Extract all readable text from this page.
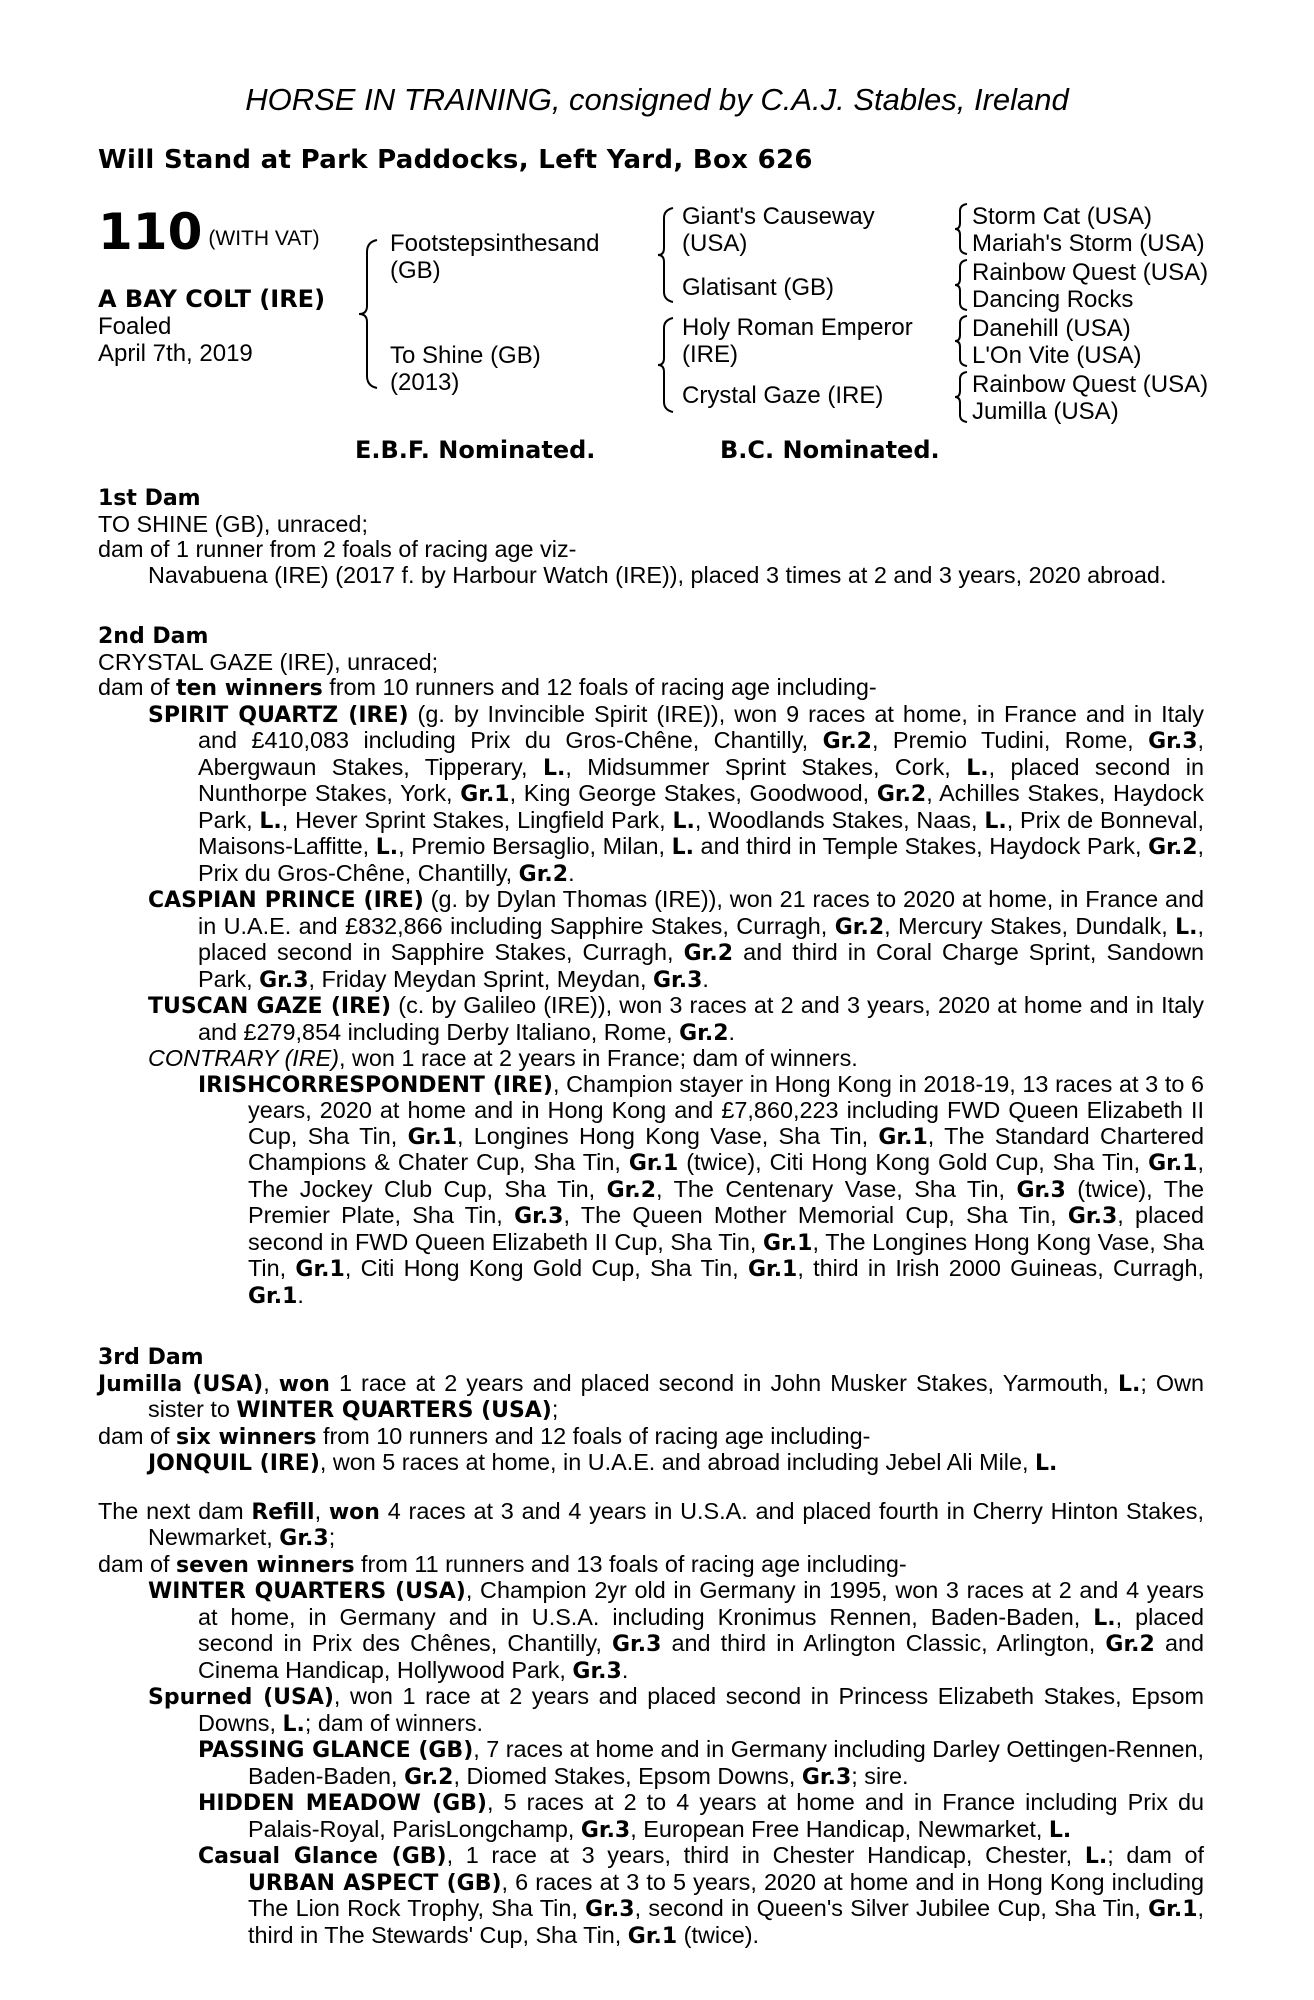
HORSE IN TRAINING, consigned by C.A.J. Stables, Ireland
Will Stand at Park Paddocks, Left Yard, Box 626
110 (WITH VAT)
A BAY COLT (IRE)
Foaled
April 7th, 2019
Footstepsinthesand
(GB)
To Shine (GB)
(2013)
Giant's Causeway
(USA)
Glatisant (GB)
Holy Roman Emperor
(IRE)
Crystal Gaze (IRE)
Storm Cat (USA)
Mariah's Storm (USA)
Rainbow Quest (USA)
Dancing Rocks
Danehill (USA)
L'On Vite (USA)
Rainbow Quest (USA)
Jumilla (USA)
E.B.F. Nominated.	B.C. Nominated.
1st Dam

TO SHINE (GB), unraced;

dam of 1 runner from 2 foals of racing age viz-

Navabuena (IRE) (2017 f. by Harbour Watch (IRE)), placed 3 times at 2 and 3 years, 2020 abroad.

2nd Dam

CRYSTAL GAZE (IRE), unraced;

dam of ten winners from 10 runners and 12 foals of racing age including-

SPIRIT QUARTZ (IRE) (g. by Invincible Spirit (IRE)), won 9 races at home, in France and in Italy and £410,083 including Prix du Gros-Chêne, Chantilly, Gr.2, Premio Tudini, Rome, Gr.3, Abergwaun Stakes, Tipperary, L., Midsummer Sprint Stakes, Cork, L., placed second in Nunthorpe Stakes, York, Gr.1, King George Stakes, Goodwood, Gr.2, Achilles Stakes, Haydock Park, L., Hever Sprint Stakes, Lingfield Park, L., Woodlands Stakes, Naas, L., Prix de Bonneval, Maisons-Laffitte, L., Premio Bersaglio, Milan, L. and third in Temple Stakes, Haydock Park, Gr.2, Prix du Gros-Chêne, Chantilly, Gr.2.

CASPIAN PRINCE (IRE) (g. by Dylan Thomas (IRE)), won 21 races to 2020 at home, in France and in U.A.E. and £832,866 including Sapphire Stakes, Curragh, Gr.2, Mercury Stakes, Dundalk, L., placed second in Sapphire Stakes, Curragh, Gr.2 and third in Coral Charge Sprint, Sandown Park, Gr.3, Friday Meydan Sprint, Meydan, Gr.3.

TUSCAN GAZE (IRE) (c. by Galileo (IRE)), won 3 races at 2 and 3 years, 2020 at home and in Italy and £279,854 including Derby Italiano, Rome, Gr.2.

CONTRARY (IRE), won 1 race at 2 years in France; dam of winners.

IRISHCORRESPONDENT (IRE), Champion stayer in Hong Kong in 2018-19, 13 races at 3 to 6 years, 2020 at home and in Hong Kong and £7,860,223 including FWD Queen Elizabeth II Cup, Sha Tin, Gr.1, Longines Hong Kong Vase, Sha Tin, Gr.1, The Standard Chartered Champions & Chater Cup, Sha Tin, Gr.1 (twice), Citi Hong Kong Gold Cup, Sha Tin, Gr.1, The Jockey Club Cup, Sha Tin, Gr.2, The Centenary Vase, Sha Tin, Gr.3 (twice), The Premier Plate, Sha Tin, Gr.3, The Queen Mother Memorial Cup, Sha Tin, Gr.3, placed second in FWD Queen Elizabeth II Cup, Sha Tin, Gr.1, The Longines Hong Kong Vase, Sha Tin, Gr.1, Citi Hong Kong Gold Cup, Sha Tin, Gr.1, third in Irish 2000 Guineas, Curragh, Gr.1.

3rd Dam

Jumilla (USA), won 1 race at 2 years and placed second in John Musker Stakes, Yarmouth, L.; Own sister to WINTER QUARTERS (USA);

dam of six winners from 10 runners and 12 foals of racing age including-

JONQUIL (IRE), won 5 races at home, in U.A.E. and abroad including Jebel Ali Mile, L.

The next dam Refill, won 4 races at 3 and 4 years in U.S.A. and placed fourth in Cherry Hinton Stakes, Newmarket, Gr.3;

dam of seven winners from 11 runners and 13 foals of racing age including-

WINTER QUARTERS (USA), Champion 2yr old in Germany in 1995, won 3 races at 2 and 4 years at home, in Germany and in U.S.A. including Kronimus Rennen, Baden-Baden, L., placed second in Prix des Chênes, Chantilly, Gr.3 and third in Arlington Classic, Arlington, Gr.2 and Cinema Handicap, Hollywood Park, Gr.3.

Spurned (USA), won 1 race at 2 years and placed second in Princess Elizabeth Stakes, Epsom Downs, L.; dam of winners.

PASSING GLANCE (GB), 7 races at home and in Germany including Darley Oettingen-Rennen, Baden-Baden, Gr.2, Diomed Stakes, Epsom Downs, Gr.3; sire.

HIDDEN MEADOW (GB), 5 races at 2 to 4 years at home and in France including Prix du Palais-Royal, ParisLongchamp, Gr.3, European Free Handicap, Newmarket, L.

Casual Glance (GB), 1 race at 3 years, third in Chester Handicap, Chester, L.; dam of URBAN ASPECT (GB), 6 races at 3 to 5 years, 2020 at home and in Hong Kong including The Lion Rock Trophy, Sha Tin, Gr.3, second in Queen's Silver Jubilee Cup, Sha Tin, Gr.1, third in The Stewards' Cup, Sha Tin, Gr.1 (twice).
